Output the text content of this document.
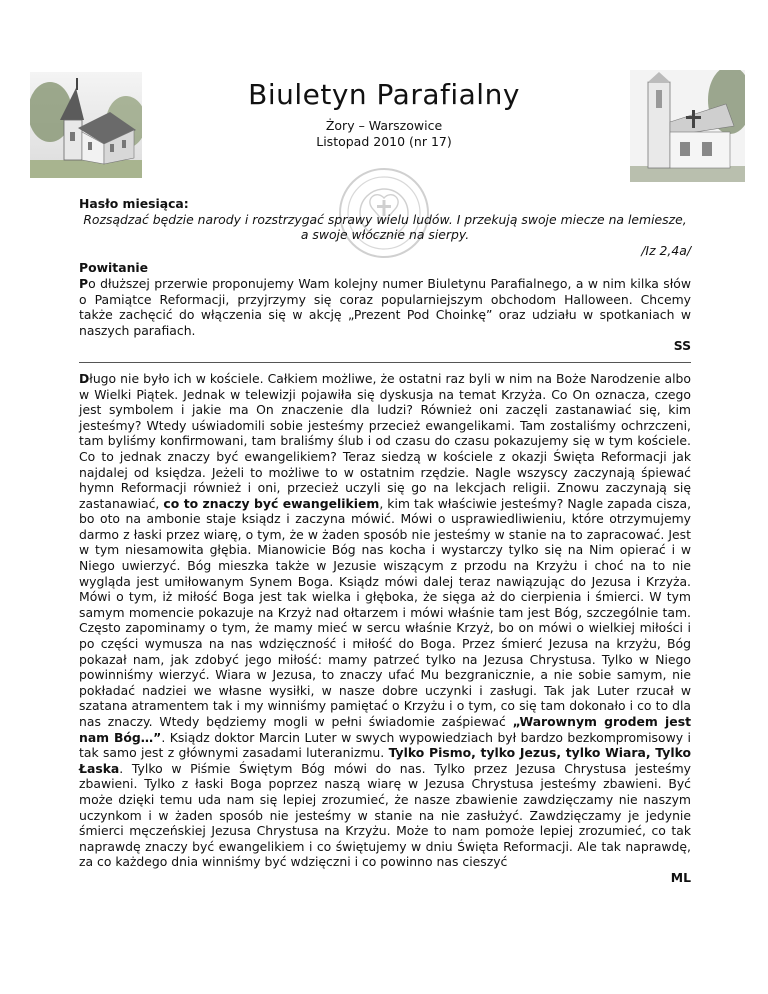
Biuletyn Parafialny
Żory – Warszowice
Listopad 2010 (nr 17)

Hasło miesiąca:

Rozsądzać będzie narody i rozstrzygać sprawy wielu ludów. I przekują swoje miecze na lemiesze, a swoje włócznie na sierpy.

/Iz 2,4a/

Powitanie

Po dłuższej przerwie proponujemy Wam kolejny numer Biuletynu Parafialnego, a w nim kilka słów o Pamiątce Reformacji, przyjrzymy się coraz popularniejszym obchodom Halloween. Chcemy także zachęcić do włączenia się w akcję „Prezent Pod Choinkę” oraz udziału w spotkaniach w naszych parafiach.

SS

Długo nie było ich w kościele. Całkiem możliwe, że ostatni raz byli w nim na Boże Narodzenie albo w Wielki Piątek. Jednak w telewizji pojawiła się dyskusja na temat Krzyża. Co On oznacza, czego jest symbolem i jakie ma On znaczenie dla ludzi? Również oni zaczęli zastanawiać się, kim jesteśmy? Wtedy uświadomili sobie jesteśmy przecież ewangelikami. Tam zostaliśmy ochrzczeni, tam byliśmy konfirmowani, tam braliśmy ślub i od czasu do czasu pokazujemy się w tym kościele. Co to jednak znaczy być ewangelikiem? Teraz siedzą w kościele z okazji Święta Reformacji jak najdalej od księdza. Jeżeli to możliwe to w ostatnim rzędzie. Nagle wszyscy zaczynają śpiewać hymn Reformacji również i oni, przecież uczyli się go na lekcjach religii. Znowu zaczynają się zastanawiać, co to znaczy być ewangelikiem, kim tak właściwie jesteśmy? Nagle zapada cisza, bo oto na ambonie staje ksiądz i zaczyna mówić. Mówi o usprawiedliwieniu, które otrzymujemy darmo z łaski przez wiarę, o tym, że w żaden sposób nie jesteśmy w stanie na to zapracować. Jest w tym niesamowita głębia. Mianowicie Bóg nas kocha i wystarczy tylko się na Nim opierać i w Niego uwierzyć. Bóg mieszka także w Jezusie wiszącym z przodu na Krzyżu i choć na to nie wygląda jest umiłowanym Synem Boga. Ksiądz mówi dalej teraz nawiązując do Jezusa i Krzyża. Mówi o tym, iż miłość Boga jest tak wielka i głęboka, że sięga aż do cierpienia i śmierci. W tym samym momencie pokazuje na Krzyż nad ołtarzem i mówi właśnie tam jest Bóg, szczególnie tam. Często zapominamy o tym, że mamy mieć w sercu właśnie Krzyż, bo on mówi o wielkiej miłości i po części wymusza na nas wdzięczność i miłość do Boga. Przez śmierć Jezusa na krzyżu, Bóg pokazał nam, jak zdobyć jego miłość: mamy patrzeć tylko na Jezusa Chrystusa. Tylko w Niego powinniśmy wierzyć. Wiara w Jezusa, to znaczy ufać Mu bezgranicznie, a nie sobie samym, nie pokładać nadziei we własne wysiłki, w nasze dobre uczynki i zasługi. Tak jak Luter rzucał w szatana atramentem tak i my winniśmy pamiętać o Krzyżu i o tym, co się tam dokonało i co to dla nas znaczy. Wtedy będziemy mogli w pełni świadomie zaśpiewać „Warownym grodem jest nam Bóg…”. Ksiądz doktor Marcin Luter w swych wypowiedziach był bardzo bezkompromisowy i tak samo jest z głównymi zasadami luteranizmu. Tylko Pismo, tylko Jezus, tylko Wiara, Tylko Łaska. Tylko w Piśmie Świętym Bóg mówi do nas. Tylko przez Jezusa Chrystusa jesteśmy zbawieni. Tylko z łaski Boga poprzez naszą wiarę w Jezusa Chrystusa jesteśmy zbawieni. Być może dzięki temu uda nam się lepiej zrozumieć, że nasze zbawienie zawdzięczamy nie naszym uczynkom i w żaden sposób nie jesteśmy w stanie na nie zasłużyć. Zawdzięczamy je jedynie śmierci męczeńskiej Jezusa Chrystusa na Krzyżu. Może to nam pomoże lepiej zrozumieć, co tak naprawdę znaczy być ewangelikiem i co świętujemy w dniu Święta Reformacji. Ale tak naprawdę, za co każdego dnia winniśmy być wdzięczni i co powinno nas cieszyć

ML
